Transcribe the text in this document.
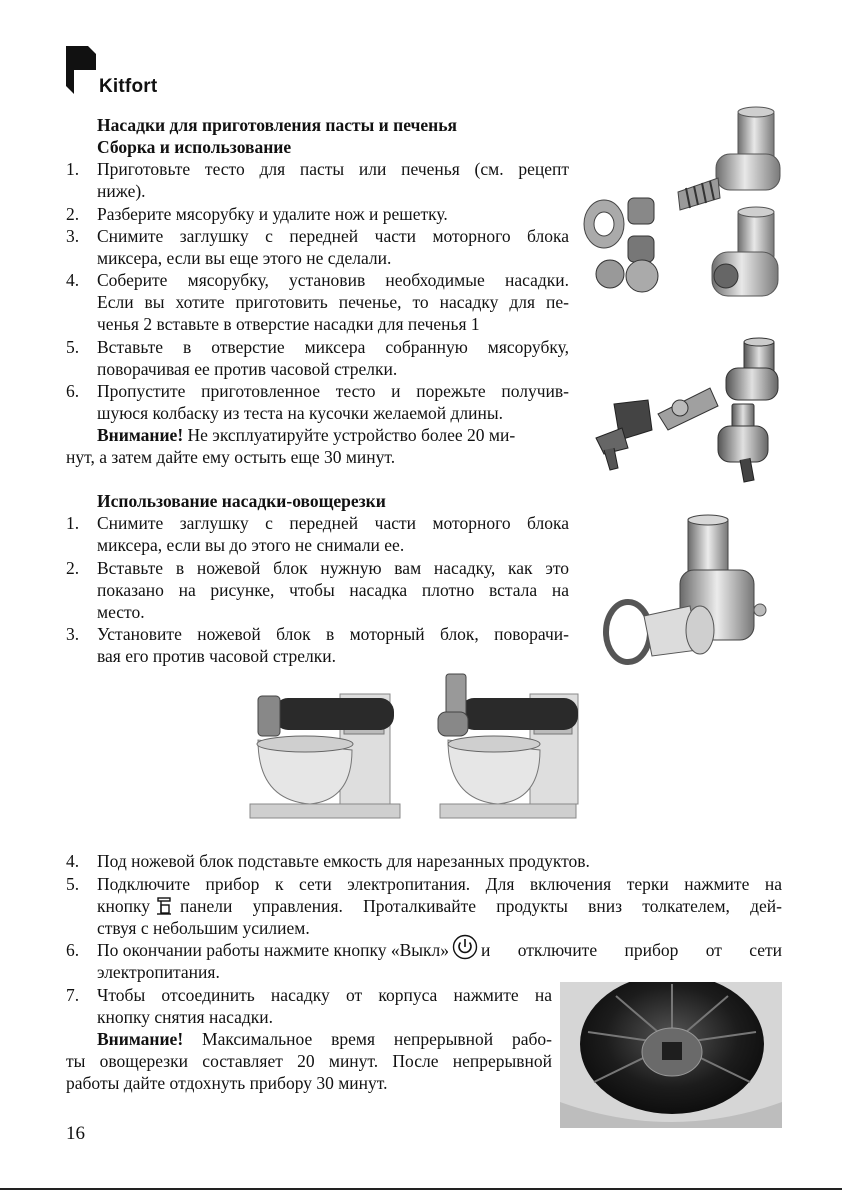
Kitfort
Насадки для приготовления пасты и печенья
Сборка и использование
1. Приготовьте тесто для пасты или печенья (см. рецепт
ниже).
2. Разберите мясорубку и удалите нож и решетку.
3. Снимите заглушку с передней части моторного блока
миксера, если вы еще этого не сделали.
4. Соберите мясорубку, установив необходимые насадки.
Если вы хотите приготовить печенье, то насадку для пе-
ченья 2 вставьте в отверстие насадки для печенья 1
5. Вставьте в отверстие миксера собранную мясорубку,
поворачивая ее против часовой стрелки.
6. Пропустите приготовленное тесто и порежьте получив-
шуюся колбаску из теста на кусочки желаемой длины.
Внимание! Не эксплуатируйте устройство более 20 ми-
нут, а затем дайте ему остыть еще 30 минут.
Использование насадки-овощерезки
1. Снимите заглушку с передней части моторного блока
миксера, если вы до этого не снимали ее.
2. Вставьте в ножевой блок нужную вам насадку, как это
показано на рисунке, чтобы насадка плотно встала на
место.
3. Установите ножевой блок в моторный блок, поворачи-
вая его против часовой стрелки.
4. Под ножевой блок подставьте емкость для нарезанных продуктов.
5. Подключите прибор к сети электропитания. Для включения терки нажмите на
кнопку панели управления. Проталкивайте продукты вниз толкателем, дей-
ствуя с небольшим усилием.
6. По окончании работы нажмите кнопку «Выкл» и отключите прибор от сети
электропитания.
7. Чтобы отсоединить насадку от корпуса нажмите на
кнопку снятия насадки.
Внимание! Максимальное время непрерывной рабо-
ты овощерезки составляет 20 минут. После непрерывной
работы дайте отдохнуть прибору 30 минут.
16
